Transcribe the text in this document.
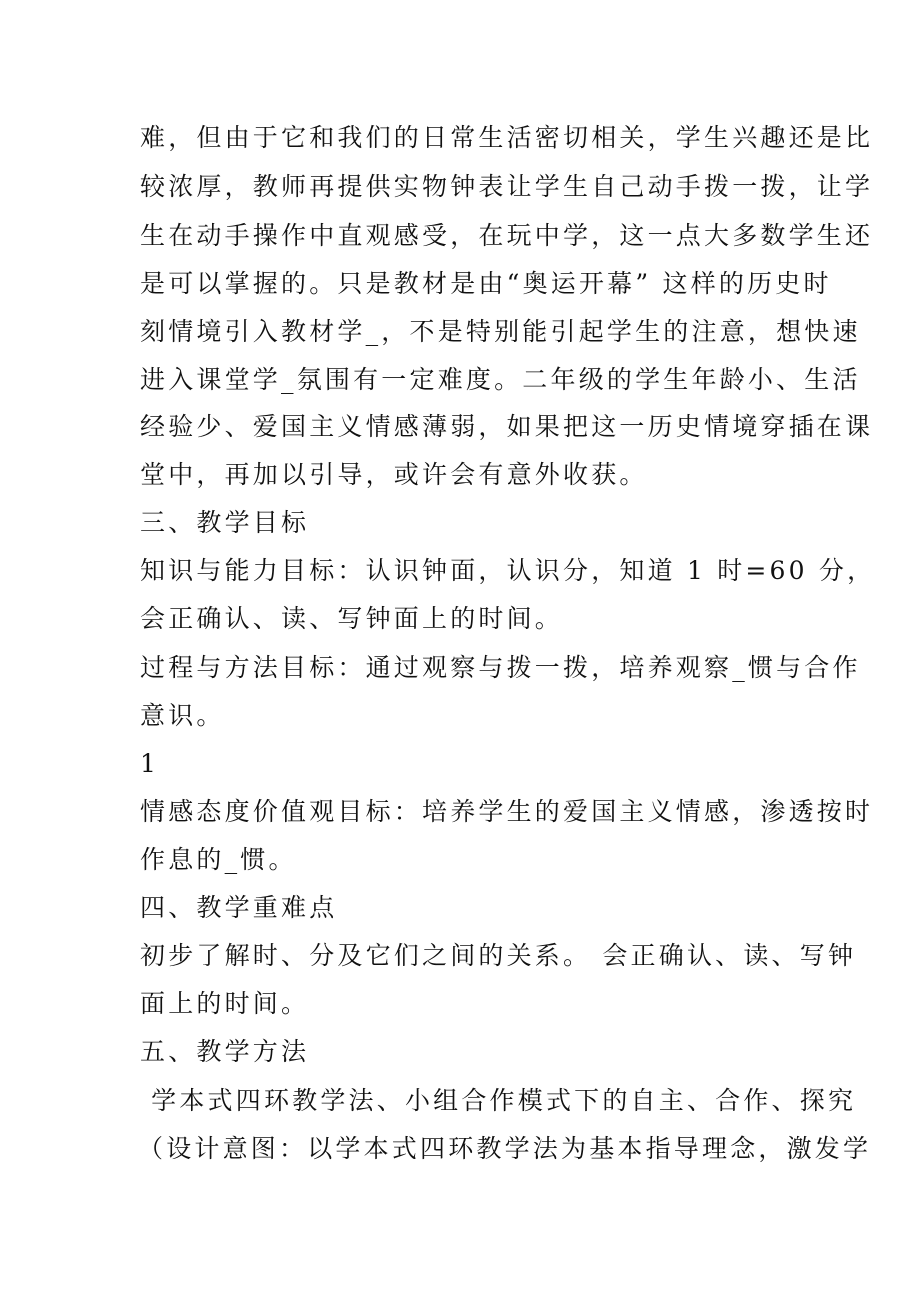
难，但由于它和我们的日常生活密切相关，学生兴趣还是比
较浓厚，教师再提供实物钟表让学生自己动手拨一拨，让学
生在动手操作中直观感受，在玩中学，这一点大多数学生还
是可以掌握的。只是教材是由“奥运开幕” 这样的历史时
刻情境引入教材学_，不是特别能引起学生的注意，想快速
进入课堂学_氛围有一定难度。二年级的学生年龄小、生活
经验少、爱国主义情感薄弱，如果把这一历史情境穿插在课
堂中，再加以引导，或许会有意外收获。
三、教学目标
知识与能力目标：认识钟面，认识分，知道 1 时=60 分，
会正确认、读、写钟面上的时间。
过程与方法目标：通过观察与拨一拨，培养观察_惯与合作
意识。
1
情感态度价值观目标：培养学生的爱国主义情感，渗透按时
作息的_惯。
四、教学重难点
初步了解时、分及它们之间的关系。 会正确认、读、写钟
面上的时间。
五、教学方法
学本式四环教学法、小组合作模式下的自主、合作、探究
（设计意图：以学本式四环教学法为基本指导理念，激发学
